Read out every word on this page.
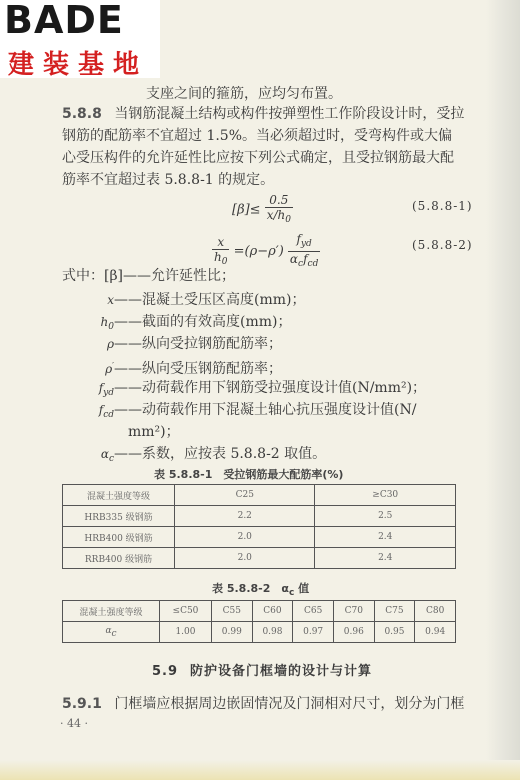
BADE
建装基地
支座之间的箍筋，应均匀布置。
5.8.8 当钢筋混凝土结构或构件按弹塑性工作阶段设计时，受拉
钢筋的配筋率不宜超过 1.5%。当必须超过时，受弯构件或大偏
心受压构件的允许延性比应按下列公式确定，且受拉钢筋最大配
筋率不宜超过表 5.8.8-1 的规定。
$[\beta]\le \frac{0.5}{x/h_0}$	(5.8.8-1)
$\frac{x}{h_0} =(\rho-\rho') \frac{f_{yd}}{\alpha_cf_{cd}}$	(5.8.8-2)
式中：[β]——允许延性比；
x——混凝土受压区高度(mm)；
$h_0——$截面的有效高度(mm)；
ρ——纵向受拉钢筋配筋率；
ρ′——纵向受压钢筋配筋率；
$f_{yd}——$动荷载作用下钢筋受拉强度设计值(N/mm²)；
$f_{cd}——$动荷载作用下混凝土轴心抗压强度设计值(N/
mm²)；
$\alpha_c——$系数，应按表 5.8.8-2 取值。
表 5.8.8-1　受拉钢筋最大配筋率(%)
混凝土强度等级	C25	≥C30
HRB335 级钢筋	2.2	2.5
HRB400 级钢筋	2.0	2.4
RRB400 级钢筋	2.0	2.4
表 5.8.8-2　$\alpha_c$ 值
混凝土强度等级	≤C50	C55	C60	C65	C70	C75	C80
αc	1.00	0.99	0.98	0.97	0.96	0.95	0.94
5.9 防护设备门框墙的设计与计算
5.9.1 门框墙应根据周边嵌固情况及门洞相对尺寸，划分为门框
· 44 ·
